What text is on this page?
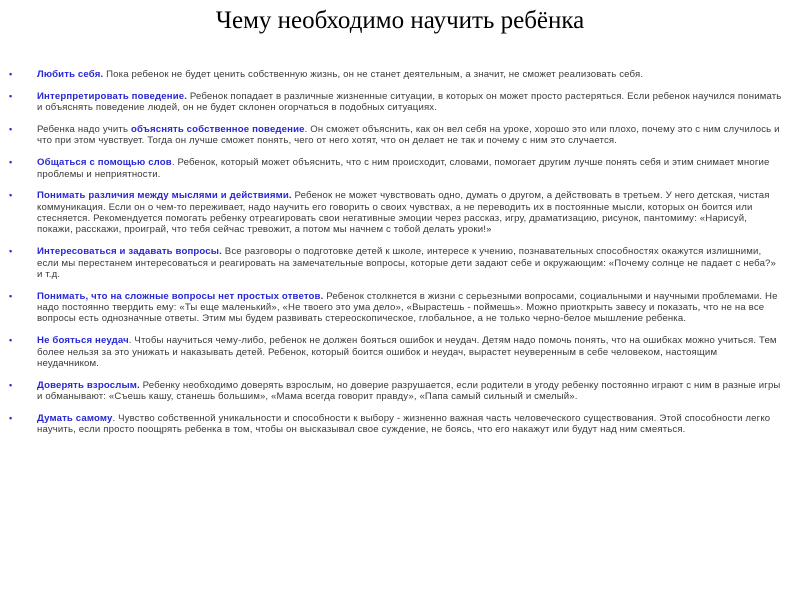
Чему необходимо научить ребёнка
•	Любить себя. Пока ребенок не будет ценить собственную жизнь, он не станет деятельным, а значит, не сможет реализовать себя.
•	Интерпретировать поведение. Ребенок попадает в различные жизненные ситуации, в которых он может просто растеряться. Если ребенок научился понимать и объяснять поведение людей, он не будет склонен огорчаться в подобных ситуациях.
•	Ребенка надо учить объяснять собственное поведение. Он сможет объяснить, как он вел себя на уроке, хорошо это или плохо, почему это с ним случилось и что при этом чувствует. Тогда он лучше сможет понять, чего от него хотят, что он делает не так и почему с ним это случается.
•	Общаться с помощью слов. Ребенок, который может объяснить, что с ним происходит, словами, помогает другим лучше понять себя и этим снимает многие проблемы и неприятности.
•	Понимать различия между мыслями и действиями. Ребенок не может чувствовать одно, думать о другом, а действовать в третьем. У него детская, чистая коммуникация. Если он о чем-то переживает, надо научить его говорить о своих чувствах, а не переводить их в постоянные мысли, которых он боится или стесняется. Рекомендуется помогать ребенку отреагировать свои негативные эмоции через рассказ, игру, драматизацию, рисунок, пантомиму: «Нарисуй, покажи, расскажи, проиграй, что тебя сейчас тревожит, а потом мы начнем с тобой делать уроки!»
•	Интересоваться и задавать вопросы. Все разговоры о подготовке детей к школе, интересе к учению, познавательных способностях окажутся излишними, если мы перестанем интересоваться и реагировать на замечательные вопросы, которые дети задают себе и окружающим: «Почему солнце не падает с неба?» и т.д.
•	Понимать, что на сложные вопросы нет простых ответов. Ребенок столкнется в жизни с серьезными вопросами, социальными и научными проблемами. Не надо постоянно твердить ему: «Ты еще маленький», «Не твоего это ума дело», «Вырастешь - поймешь». Можно приоткрыть завесу и показать, что не на все вопросы есть однозначные ответы. Этим мы будем развивать стереоскопическое, глобальное, а не только черно-белое мышление ребенка.
•	Не бояться неудач. Чтобы научиться чему-либо, ребенок не должен бояться ошибок и неудач. Детям надо помочь понять, что на ошибках можно учиться. Тем более нельзя за это унижать и наказывать детей. Ребенок, который боится ошибок и неудач, вырастет неуверенным в себе человеком, настоящим неудачником.
•	Доверять взрослым. Ребенку необходимо доверять взрослым, но доверие разрушается, если родители в угоду ребенку постоянно играют с ним в разные игры и обманывают: «Съешь кашу, станешь большим», «Мама всегда говорит правду», «Папа самый сильный и смелый».
•	Думать самому. Чувство собственной уникальности и способности к выбору - жизненно важная часть человеческого существования. Этой способности легко научить, если просто поощрять ребенка в том, чтобы он высказывал свое суждение, не боясь, что его накажут или будут над ним смеяться.
